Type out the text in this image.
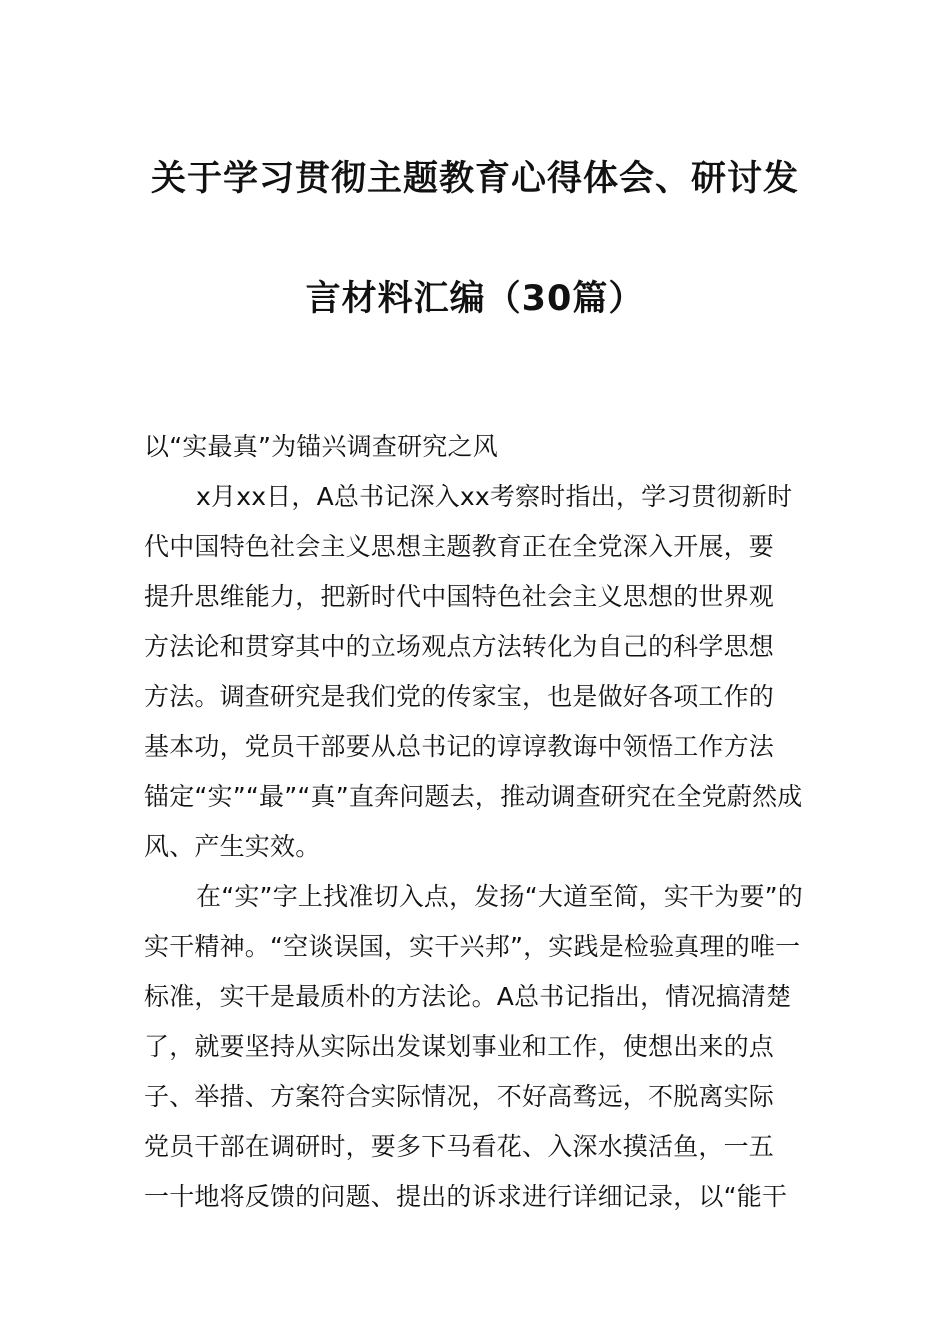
关于学习贯彻主题教育心得体会、研讨发
言材料汇编（30篇）
以“实最真”为锚兴调查研究之风
x月xx日，A总书记深入xx考察时指出，学习贯彻新时
代中国特色社会主义思想主题教育正在全党深入开展，要
提升思维能力，把新时代中国特色社会主义思想的世界观
方法论和贯穿其中的立场观点方法转化为自己的科学思想
方法。调查研究是我们党的传家宝，也是做好各项工作的
基本功，党员干部要从总书记的谆谆教诲中领悟工作方法
锚定“实”“最”“真”直奔问题去，推动调查研究在全党蔚然成
风、产生实效。
在“实”字上找准切入点，发扬“大道至简，实干为要”的
实干精神。“空谈误国，实干兴邦”，实践是检验真理的唯一
标准，实干是最质朴的方法论。A总书记指出，情况搞清楚
了，就要坚持从实际出发谋划事业和工作，使想出来的点
子、举措、方案符合实际情况，不好高骛远，不脱离实际
党员干部在调研时，要多下马看花、入深水摸活鱼，一五
一十地将反馈的问题、提出的诉求进行详细记录，以“能干
